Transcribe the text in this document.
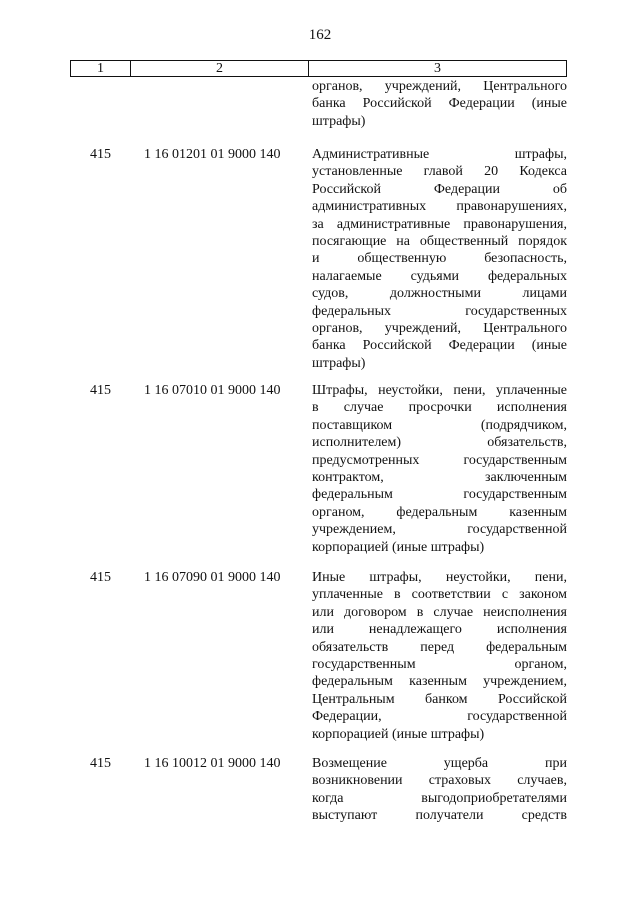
162
1	2	3
органов, учреждений, Центрального
банка Российской Федерации (иные
штрафы)
415	1 16 01201 01 9000 140	Административные штрафы,
установленные главой 20 Кодекса
Российской Федерации об
административных правонарушениях,
за административные правонарушения,
посягающие на общественный порядок
и общественную безопасность,
налагаемые судьями федеральных
судов, должностными лицами
федеральных государственных
органов, учреждений, Центрального
банка Российской Федерации (иные
штрафы)
415	1 16 07010 01 9000 140	Штрафы, неустойки, пени, уплаченные
в случае просрочки исполнения
поставщиком (подрядчиком,
исполнителем) обязательств,
предусмотренных государственным
контрактом, заключенным
федеральным государственным
органом, федеральным казенным
учреждением, государственной
корпорацией (иные штрафы)
415	1 16 07090 01 9000 140	Иные штрафы, неустойки, пени,
уплаченные в соответствии с законом
или договором в случае неисполнения
или ненадлежащего исполнения
обязательств перед федеральным
государственным органом,
федеральным казенным учреждением,
Центральным банком Российской
Федерации, государственной
корпорацией (иные штрафы)
415	1 16 10012 01 9000 140	Возмещение ущерба при
возникновении страховых случаев,
когда выгодоприобретателями
выступают получатели средств
